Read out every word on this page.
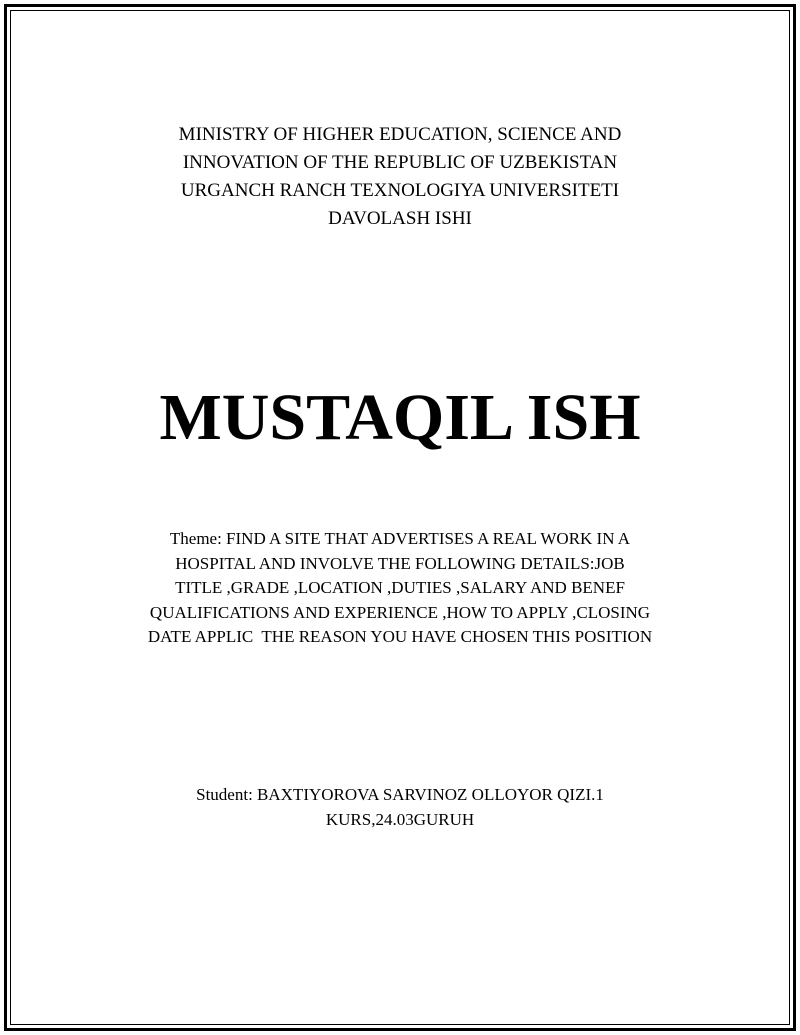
MINISTRY OF HIGHER EDUCATION, SCIENCE AND
INNOVATION OF THE REPUBLIC OF UZBEKISTAN
URGANCH RANCH TEXNOLOGIYA UNIVERSITETI
DAVOLASH ISHI
MUSTAQIL ISH
Theme: FIND A SITE THAT ADVERTISES A REAL WORK IN A
HOSPITAL AND INVOLVE THE FOLLOWING DETAILS:JOB
TITLE ,GRADE ,LOCATION ,DUTIES ,SALARY AND BENEF
QUALIFICATIONS AND EXPERIENCE ,HOW TO APPLY ,CLOSING
DATE APPLIC  THE REASON YOU HAVE CHOSEN THIS POSITION
Student: BAXTIYOROVA SARVINOZ OLLOYOR QIZI.1
KURS,24.03GURUH
